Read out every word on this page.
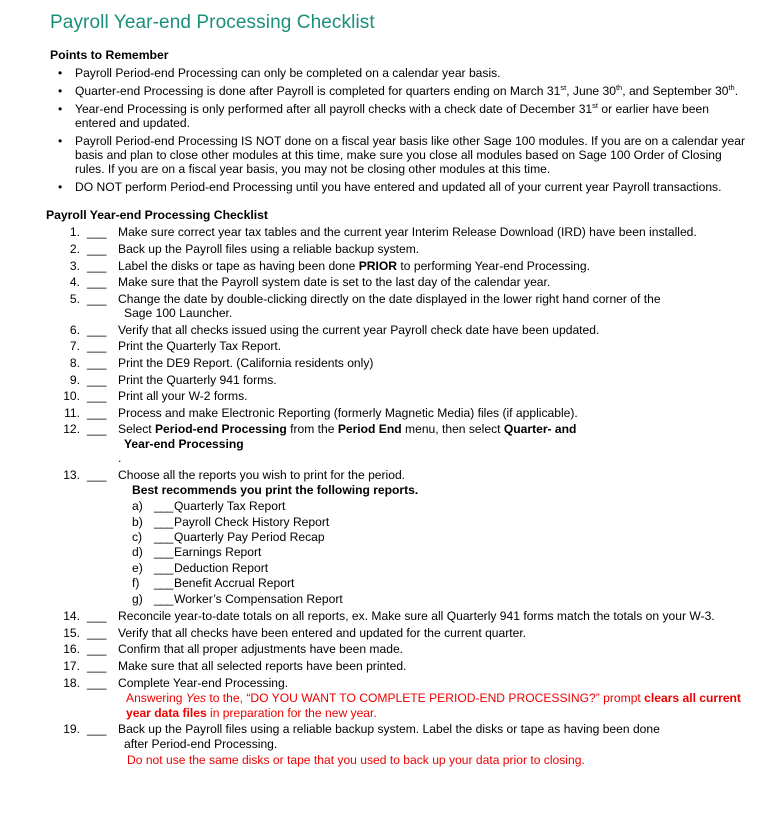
Payroll Year-end Processing Checklist
Points to Remember
• Payroll Period-end Processing can only be completed on a calendar year basis.
• Quarter-end Processing is done after Payroll is completed for quarters ending on March 31st, June 30th, and September 30th.
• Year-end Processing is only performed after all payroll checks with a check date of December 31st or earlier have been entered and updated.
• Payroll Period-end Processing IS NOT done on a fiscal year basis like other Sage 100 modules. If you are on a calendar year basis and plan to close other modules at this time, make sure you close all modules based on Sage 100 Order of Closing rules. If you are on a fiscal year basis, you may not be closing other modules at this time.
• DO NOT perform Period-end Processing until you have entered and updated all of your current year Payroll transactions.
Payroll Year-end Processing Checklist
1. ___ Make sure correct year tax tables and the current year Interim Release Download (IRD) have been installed.
2. ___ Back up the Payroll files using a reliable backup system.
3. ___ Label the disks or tape as having been done PRIOR to performing Year-end Processing.
4. ___ Make sure that the Payroll system date is set to the last day of the calendar year.
5. ___ Change the date by double-clicking directly on the date displayed in the lower right hand corner of the
Sage 100 Launcher.
6. ___ Verify that all checks issued using the current year Payroll check date have been updated.
7. ___ Print the Quarterly Tax Report.
8. ___ Print the DE9 Report. (California residents only)
9. ___ Print the Quarterly 941 forms.
10. ___ Print all your W-2 forms.
11. ___ Process and make Electronic Reporting (formerly Magnetic Media) files (if applicable).
12. ___ Select Period-end Processing from the Period End menu, then select Quarter- and
Year-end Processing
.
13. ___ Choose all the reports you wish to print for the period.
Best recommends you print the following reports.
a) ___ Quarterly Tax Report
b) ___ Payroll Check History Report
c) ___ Quarterly Pay Period Recap
d) ___ Earnings Report
e) ___ Deduction Report
f)	___ Benefit Accrual Report
g) ___ Worker’s Compensation Report
14. ___ Reconcile year-to-date totals on all reports, ex. Make sure all Quarterly 941 forms match the totals on your W-3.
15. ___ Verify that all checks have been entered and updated for the current quarter.
16. ___ Confirm that all proper adjustments have been made.
17. ___ Make sure that all selected reports have been printed.
18. ___ Complete Year-end Processing.
Answering Yes to the, “DO YOU WANT TO COMPLETE PERIOD-END PROCESSING?” prompt clears all current year data files in preparation for the new year.
19. ___ Back up the Payroll files using a reliable backup system. Label the disks or tape as having been done
after Period-end Processing.
Do not use the same disks or tape that you used to back up your data prior to closing.
